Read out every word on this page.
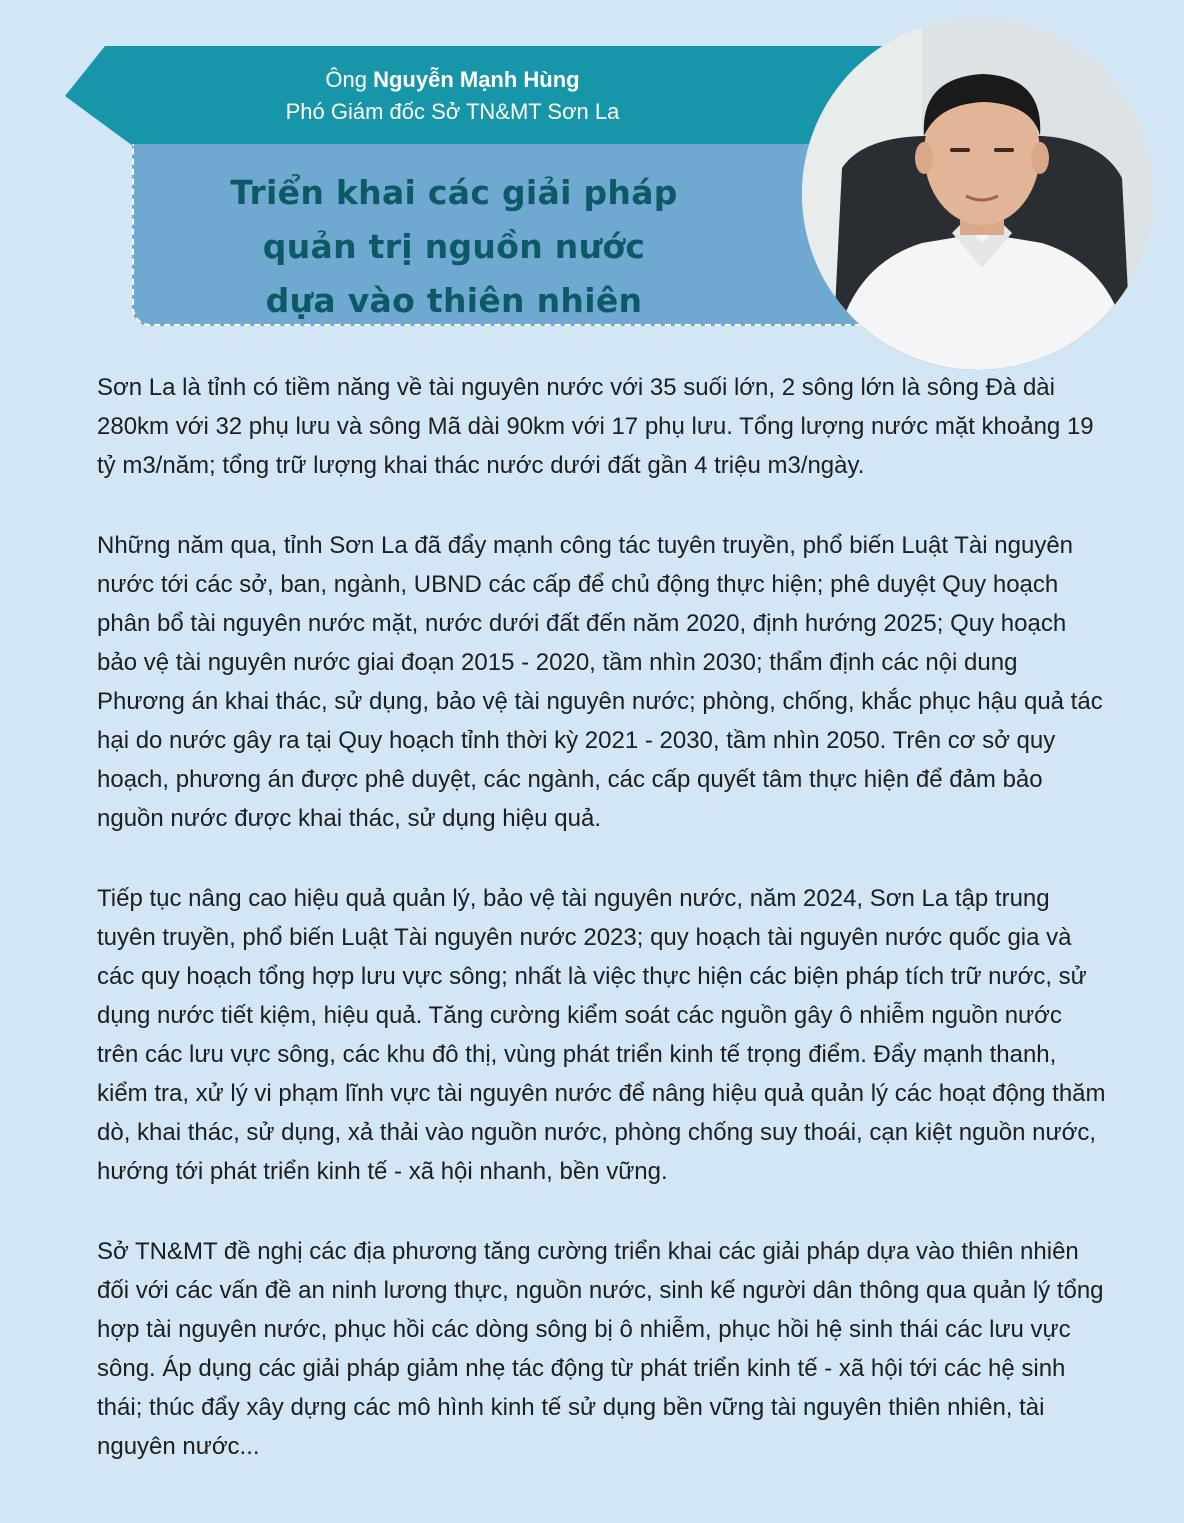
Ông Nguyễn Mạnh Hùng
Phó Giám đốc Sở TN&MT Sơn La
Triển khai các giải pháp
quản trị nguồn nước
dựa vào thiên nhiên

Sơn La là tỉnh có tiềm năng về tài nguyên nước với 35 suối lớn, 2 sông lớn là sông Đà dài 280km với 32 phụ lưu và sông Mã dài 90km với 17 phụ lưu. Tổng lượng nước mặt khoảng 19 tỷ m3/năm; tổng trữ lượng khai thác nước dưới đất gần 4 triệu m3/ngày.

Những năm qua, tỉnh Sơn La đã đẩy mạnh công tác tuyên truyền, phổ biến Luật Tài nguyên nước tới các sở, ban, ngành, UBND các cấp để chủ động thực hiện; phê duyệt Quy hoạch phân bổ tài nguyên nước mặt, nước dưới đất đến năm 2020, định hướng 2025; Quy hoạch bảo vệ tài nguyên nước giai đoạn 2015 - 2020, tầm nhìn 2030; thẩm định các nội dung Phương án khai thác, sử dụng, bảo vệ tài nguyên nước; phòng, chống, khắc phục hậu quả tác hại do nước gây ra tại Quy hoạch tỉnh thời kỳ 2021 - 2030, tầm nhìn 2050. Trên cơ sở quy hoạch, phương án được phê duyệt, các ngành, các cấp quyết tâm thực hiện để đảm bảo nguồn nước được khai thác, sử dụng hiệu quả.

Tiếp tục nâng cao hiệu quả quản lý, bảo vệ tài nguyên nước, năm 2024, Sơn La tập trung tuyên truyền, phổ biến Luật Tài nguyên nước 2023; quy hoạch tài nguyên nước quốc gia và các quy hoạch tổng hợp lưu vực sông; nhất là việc thực hiện các biện pháp tích trữ nước, sử dụng nước tiết kiệm, hiệu quả. Tăng cường kiểm soát các nguồn gây ô nhiễm nguồn nước trên các lưu vực sông, các khu đô thị, vùng phát triển kinh tế trọng điểm. Đẩy mạnh thanh, kiểm tra, xử lý vi phạm lĩnh vực tài nguyên nước để nâng hiệu quả quản lý các hoạt động thăm dò, khai thác, sử dụng, xả thải vào nguồn nước, phòng chống suy thoái, cạn kiệt nguồn nước, hướng tới phát triển kinh tế - xã hội nhanh, bền vững.

Sở TN&MT đề nghị các địa phương tăng cường triển khai các giải pháp dựa vào thiên nhiên đối với các vấn đề an ninh lương thực, nguồn nước, sinh kế người dân thông qua quản lý tổng hợp tài nguyên nước, phục hồi các dòng sông bị ô nhiễm, phục hồi hệ sinh thái các lưu vực sông. Áp dụng các giải pháp giảm nhẹ tác động từ phát triển kinh tế - xã hội tới các hệ sinh thái; thúc đẩy xây dựng các mô hình kinh tế sử dụng bền vững tài nguyên thiên nhiên, tài nguyên nước...
